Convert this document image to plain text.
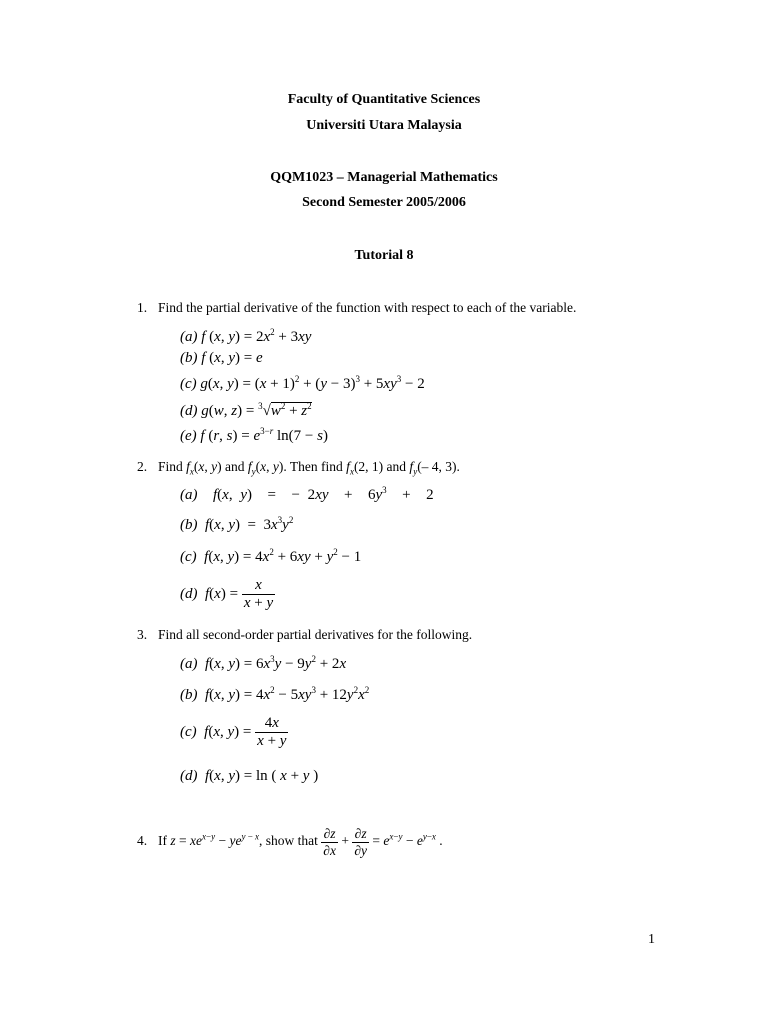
Faculty of Quantitative Sciences
Universiti Utara Malaysia
QQM1023 – Managerial Mathematics
Second Semester 2005/2006
Tutorial 8
1. Find the partial derivative of the function with respect to each of the variable.
(a) f (x, $y) = 2x^2 + 3xy$
(b) f (x, y) = e
(c) g(x, $y) = (x + 1)^2 + (y - 3)^3 + 5xy^3 - 2$
(d) g(w, $z) = ^3√w^2 + z^2$
(e) f (r, $s) = e^{3-r}$ ln(7 − s)
2. Find $f_x(x$, y) and $f_y(x$, y). Then find $f_x(2$, 1) and $f_y(-$ 4, 3).
(a) f(x, y)  =  − $2xy + 6y^3 + 2$
(b) f(x, $y) = 3x^3y^2$
(c) f(x, $y) = 4x^2 + 6xy + y^2 - 1$
(d) $f(x) = \frac{x}{x + y}$
3. Find all second-order partial derivatives for the following.
(a) f(x, $y) = 6x^3y - 9y^2 + 2x$
(b) f(x, $y) = 4x^2 - 5xy^3 + 12y^2x^2$
(c) f(x, $y) = \frac{4x}{x + y}$
(d) f(x, y) = ln ( x + y )
4. If $z = xe^{x-y} - ye^{y - x}$, show that $\frac{\partial z}{\partial x} + \frac{\partial z}{\partial y} = e^{x-y} - e^{y-x}$ .
1
